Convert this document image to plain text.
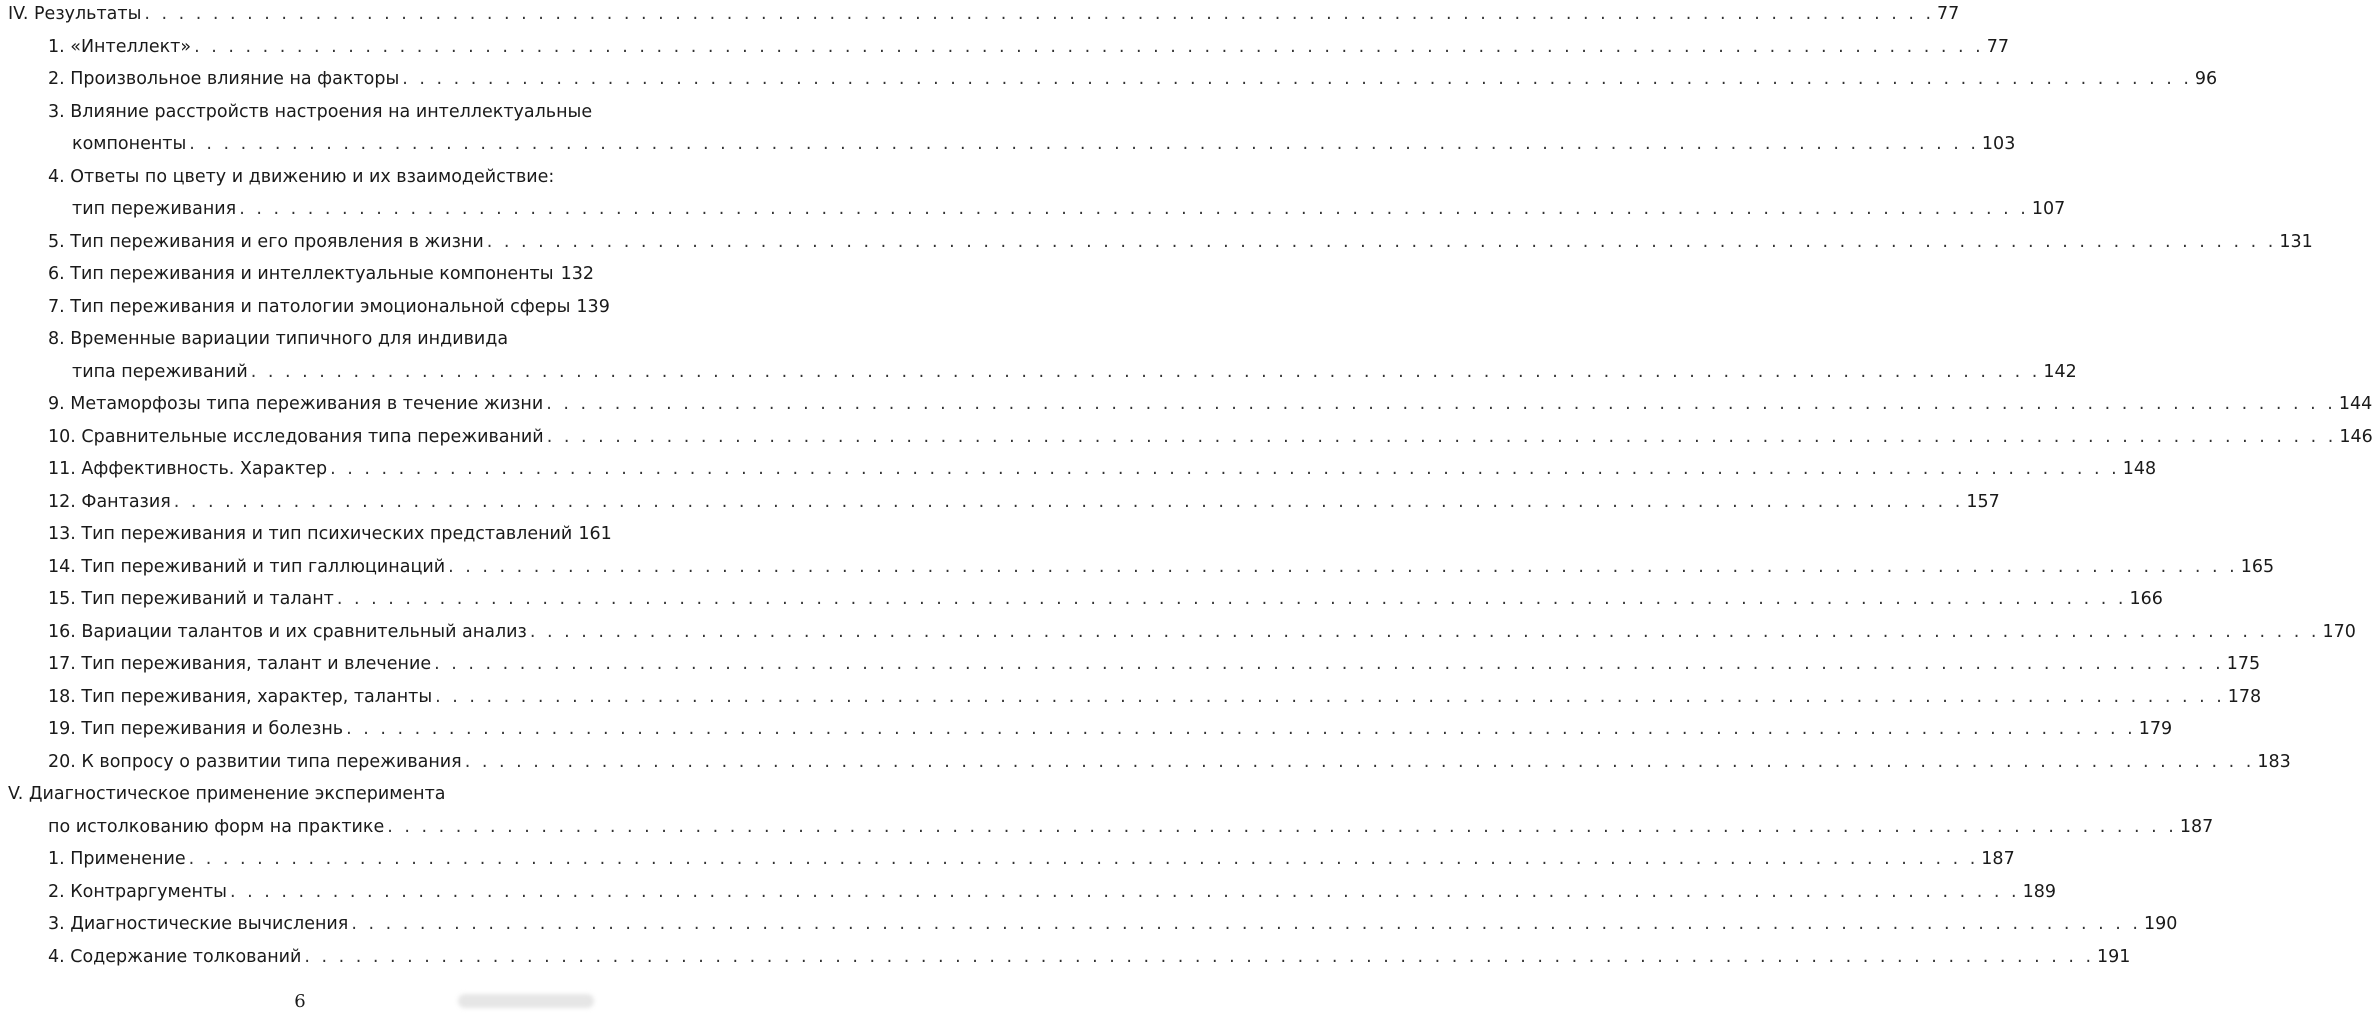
IV. Результаты . . .	77
1. «Интеллект» . . .	77
2. Произвольное влияние на факторы . . .	96
3. Влияние расстройств настроения на интеллектуальные
компоненты . . .	103
4. Ответы по цвету и движению и их взаимодействие:
тип переживания . . .	107
5. Тип переживания и его проявления в жизни . . .	131
6. Тип переживания и интеллектуальные компоненты . . . 132
7. Тип переживания и патологии эмоциональной сферы 139
8. Временные вариации типичного для индивида
типа переживаний . . .	142
9. Метаморфозы типа переживания в течение жизни . . .	144
10. Сравнительные исследования типа переживаний . . .	146
11. Аффективность. Характер . . .	148
12. Фантазия . . .	157
13. Тип переживания и тип психических представлений 161
14. Тип переживаний и тип галлюцинаций . . .	165
15. Тип переживаний и талант . . .	166
16. Вариации талантов и их сравнительный анализ . . .	170
17. Тип переживания, талант и влечение . . .	175
18. Тип переживания, характер, таланты . . .	178
19. Тип переживания и болезнь . . .	179
20. К вопросу о развитии типа переживания . . .	183
V. Диагностическое применение эксперимента
по истолкованию форм на практике . . .	187
1. Применение . . .	187
2. Контраргументы . . .	189
3. Диагностические вычисления . . .	190
4. Содержание толкований . . .	191
6
